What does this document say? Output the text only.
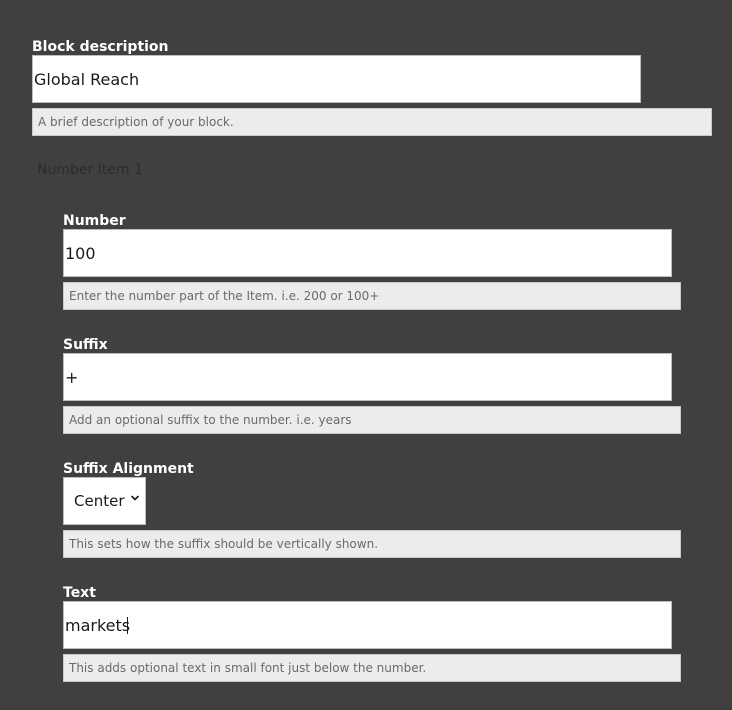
Block description
Global Reach
A brief description of your block.
Number Item 1
Number
100
Enter the number part of the Item. i.e. 200 or 100+
Suffix
+
Add an optional suffix to the number. i.e. years
Suffix Alignment
Center
This sets how the suffix should be vertically shown.
Text
markets
This adds optional text in small font just below the number.
